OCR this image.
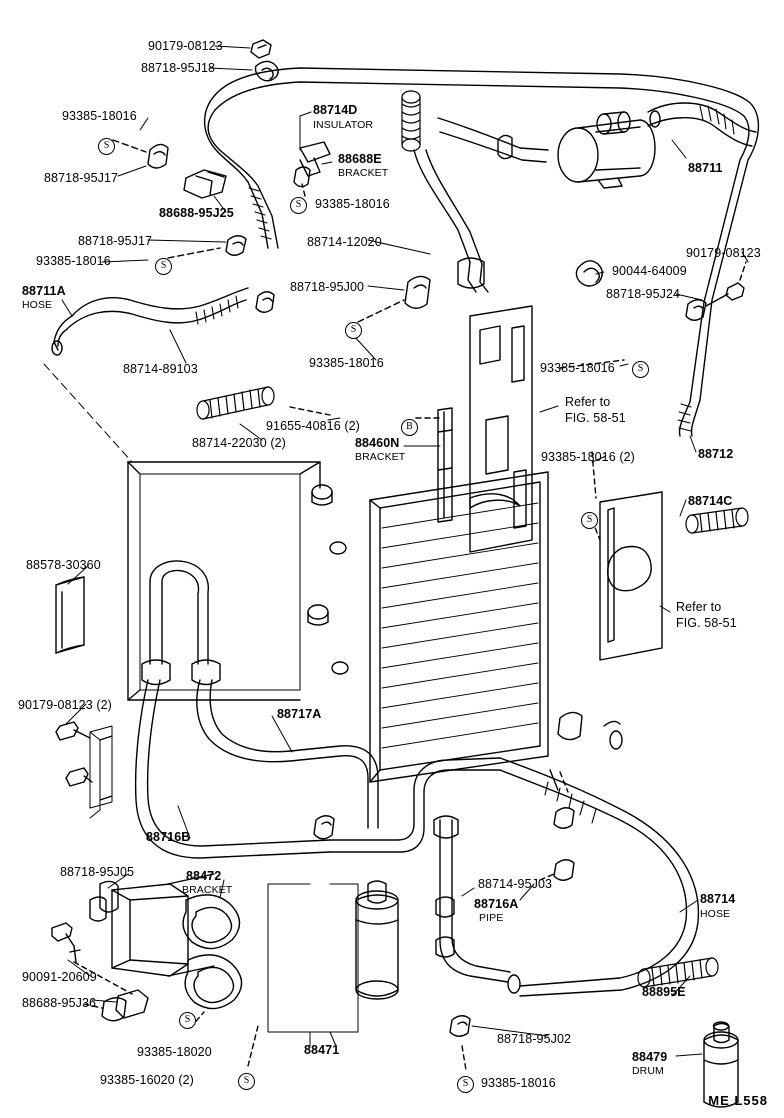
90179-08123
88718-95J18
93385-18016
88718-95J17
88688-95J25
88714D
INSULATOR
88688E
BRACKET
93385-18016
88711
88718-95J17
93385-18016
88711A
HOSE
88714-89103
88714-12020
88718-95J00
93385-18016
90044-64009
90179-08123
88718-95J24
93385-18016
Refer to
FIG. 58-51
91655-40816 (2)
88714-22030 (2)	88460N
BRACKET	93385-18016 (2)	88712
88714C
88578-30360
Refer to
FIG. 58-51
90179-08123 (2)
88717A
88716B
88718-95J05	88472
BRACKET	88714-95J03
88716A
PIPE
88714
HOSE
90091-20609
88688-95J36
88895E
93385-18020	88471
93385-16020 (2)
88718-95J02
93385-18016
88479
DRUM
S
S
S
S
S
B
S
S
S	S
ME L558
